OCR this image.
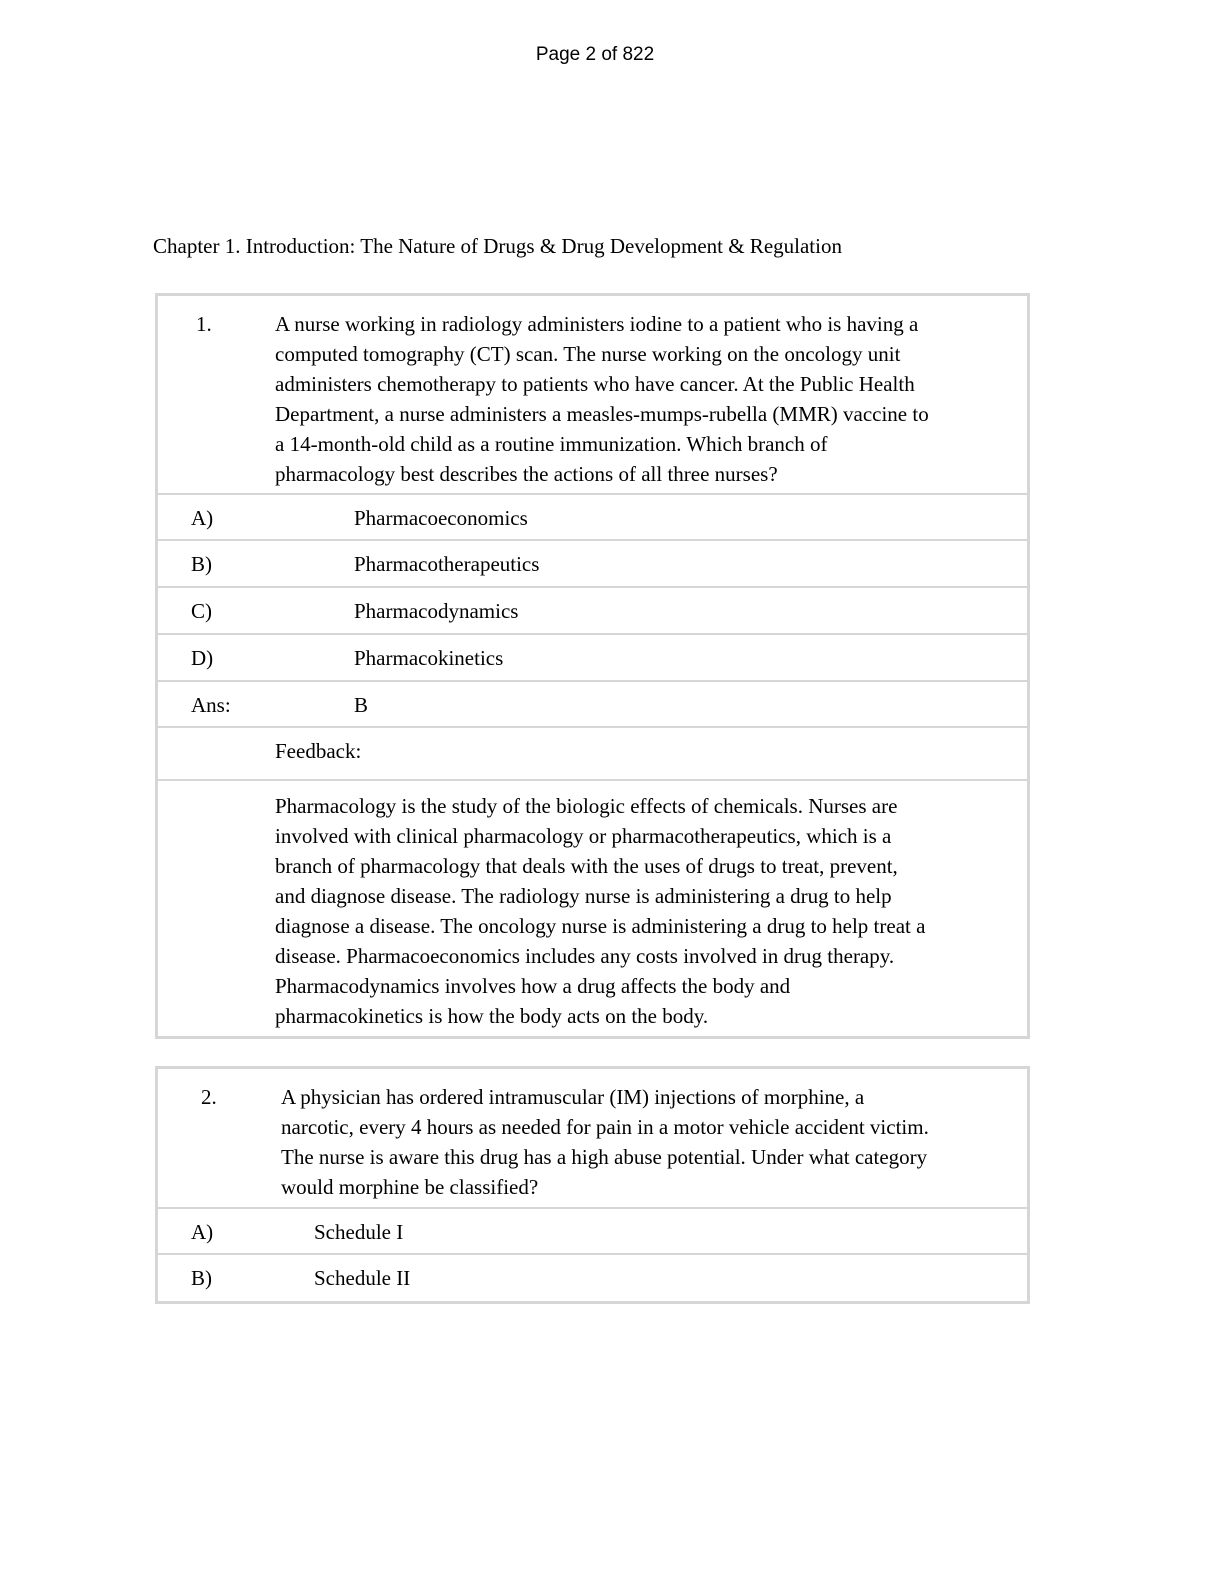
Page 2 of 822
Chapter 1. Introduction: The Nature of Drugs & Drug Development & Regulation
1.	A nurse working in radiology administers iodine to a patient who is having a
computed tomography (CT) scan. The nurse working on the oncology unit
administers chemotherapy to patients who have cancer. At the Public Health
Department, a nurse administers a measles-mumps-rubella (MMR) vaccine to
a 14-month-old child as a routine immunization. Which branch of
pharmacology best describes the actions of all three nurses?
A)	Pharmacoeconomics
B)	Pharmacotherapeutics
C)	Pharmacodynamics
D)	Pharmacokinetics
Ans:	B
Feedback:
Pharmacology is the study of the biologic effects of chemicals. Nurses are
involved with clinical pharmacology or pharmacotherapeutics, which is a
branch of pharmacology that deals with the uses of drugs to treat, prevent,
and diagnose disease. The radiology nurse is administering a drug to help
diagnose a disease. The oncology nurse is administering a drug to help treat a
disease. Pharmacoeconomics includes any costs involved in drug therapy.
Pharmacodynamics involves how a drug affects the body and
pharmacokinetics is how the body acts on the body.
2.	A physician has ordered intramuscular (IM) injections of morphine, a
narcotic, every 4 hours as needed for pain in a motor vehicle accident victim.
The nurse is aware this drug has a high abuse potential. Under what category
would morphine be classified?
A)	Schedule I
B)	Schedule II
